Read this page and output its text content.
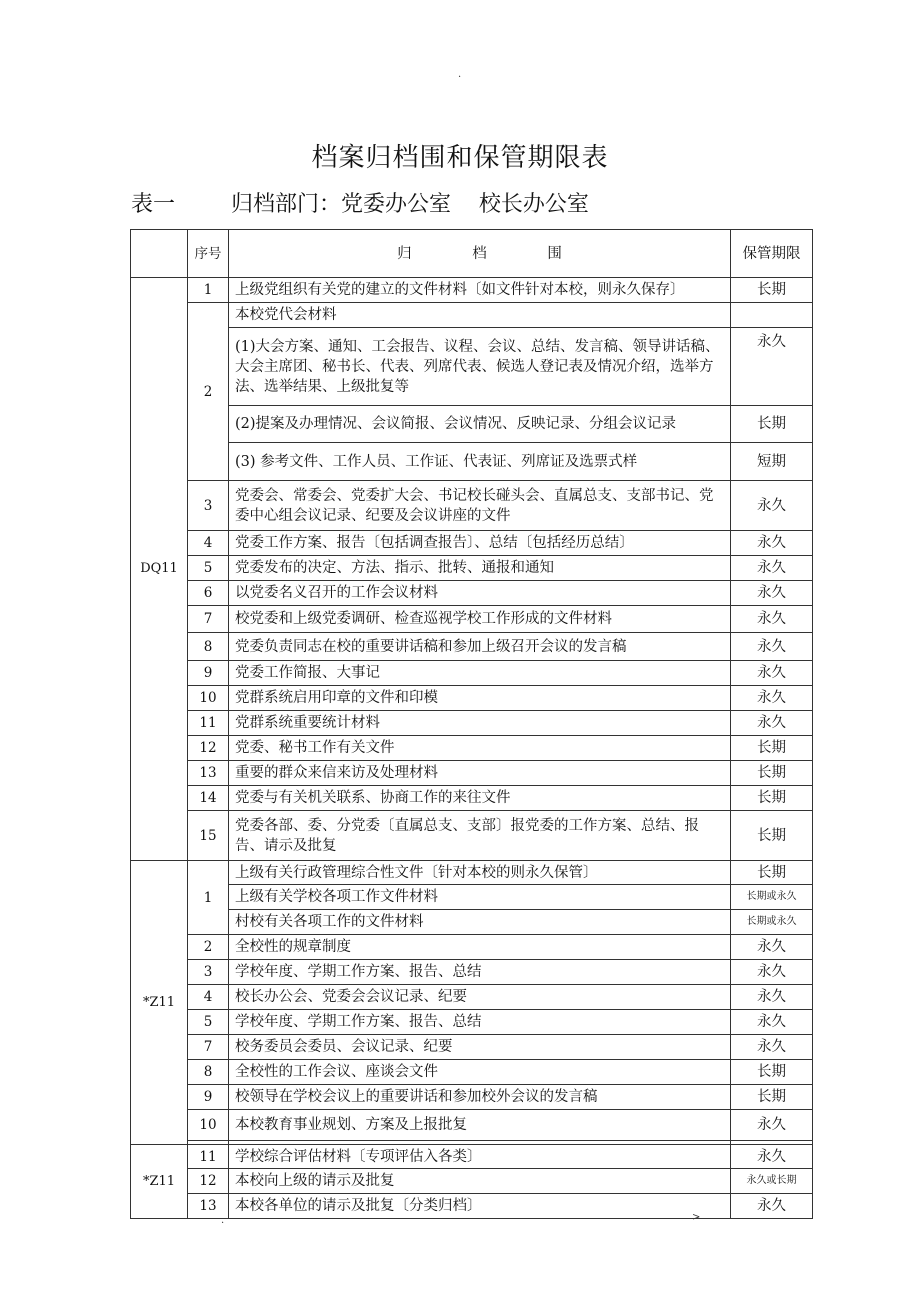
.
档案归档围和保管期限表
表一        归档部门：党委办公室    校长办公室
	序号	归 档 围	保管期限
DQ11	1	上级党组织有关党的建立的文件材料〔如文件针对本校，则永久保存〕	长期
	2	本校党代会材料	
		(1)大会方案、通知、工会报告、议程、会议、总结、发言稿、领导讲话稿、大会主席团、秘书长、代表、列席代表、候选人登记表及情况介绍，选举方法、选举结果、上级批复等	永久
		(2)提案及办理情况、会议简报、会议情况、反映记录、分组会议记录	长期
		(3) 参考文件、工作人员、工作证、代表证、列席证及选票式样	短期
	3	党委会、常委会、党委扩大会、书记校长碰头会、直属总支、支部书记、党委中心组会议记录、纪要及会议讲座的文件	永久
	4	党委工作方案、报告〔包括调查报告〕、总结〔包括经历总结〕	永久
	5	党委发布的决定、方法、指示、批转、通报和通知	永久
	6	以党委名义召开的工作会议材料	永久
	7	校党委和上级党委调研、检查巡视学校工作形成的文件材料	永久
	8	党委负责同志在校的重要讲话稿和参加上级召开会议的发言稿	永久
	9	党委工作简报、大事记	永久
	10	党群系统启用印章的文件和印模	永久
	11	党群系统重要统计材料	永久
	12	党委、秘书工作有关文件	长期
	13	重要的群众来信来访及处理材料	长期
	14	党委与有关机关联系、协商工作的来往文件	长期
	15	党委各部、委、分党委〔直属总支、支部〕报党委的工作方案、总结、报告、请示及批复	长期
*Z11	1	上级有关行政管理综合性文件〔针对本校的则永久保管〕	长期
		上级有关学校各项工作文件材料	长期或永久
		村校有关各项工作的文件材料	长期或永久
	2	全校性的规章制度	永久
	3	学校年度、学期工作方案、报告、总结	永久
	4	校长办公会、党委会会议记录、纪要	永久
	5	学校年度、学期工作方案、报告、总结	永久
	7	校务委员会委员、会议记录、纪要	永久
	8	全校性的工作会议、座谈会文件	长期
	9	校领导在学校会议上的重要讲话和参加校外会议的发言稿	长期
	10	本校教育事业规划、方案及上报批复	永久

*Z11	11	学校综合评估材料〔专项评估入各类〕	永久
	12	本校向上级的请示及批复	永久或长期
	13	本校各单位的请示及批复〔分类归档〕	永久
.	>
